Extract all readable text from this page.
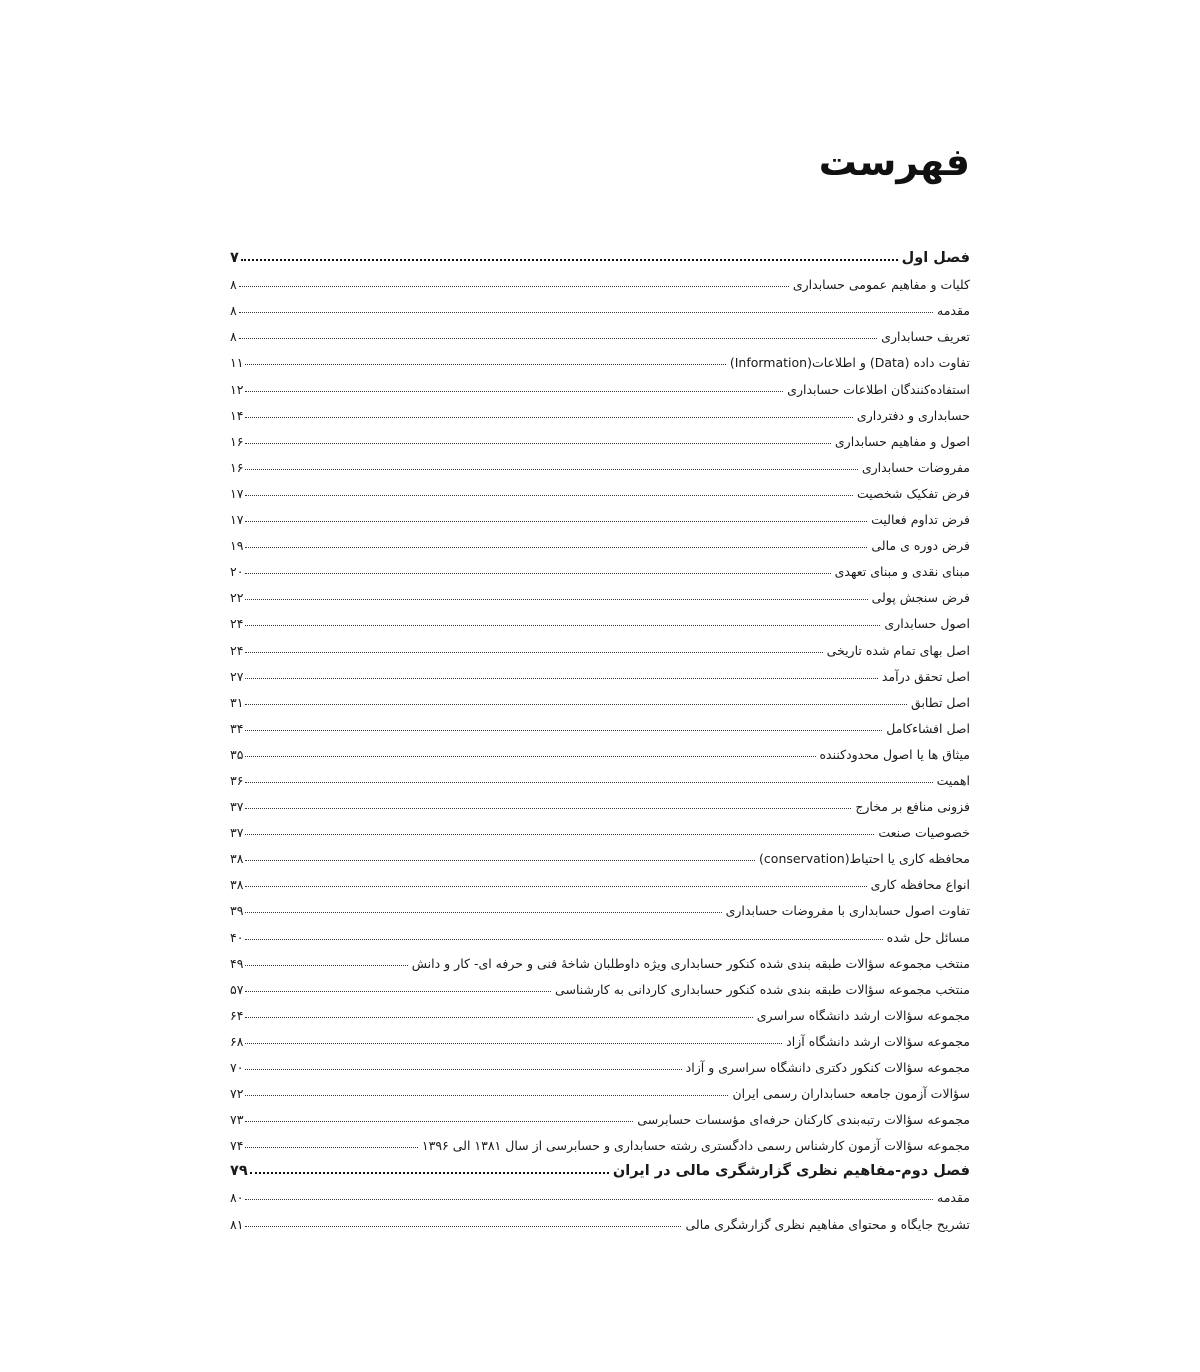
فهرست
فصل اول
۷
کلیات و مفاهیم عمومی حسابداری
۸
مقدمه
۸
تعریف حسابداری
۸
تفاوت داده (Data) و اطلاعات(Information)
۱۱
استفاده‌کنندگان اطلاعات حسابداری
۱۲
حسابداری و دفترداری
۱۴
اصول و مفاهیم حسابداری
۱۶
مفروضات حسابداری
۱۶
فرض تفکیک شخصیت
۱۷
فرض تداوم فعالیت
۱۷
فرض دوره ی مالی
۱۹
مبنای نقدی و مبنای تعهدی
۲۰
فرض سنجش پولی
۲۲
اصول حسابداری
۲۴
اصل بهای تمام شده تاریخی
۲۴
اصل تحقق درآمد
۲۷
اصل تطابق
۳۱
اصل افشاء‌کامل
۳۴
میثاق ها یا اصول محدودکننده
۳۵
اهمیت
۳۶
فزونی منافع بر مخارج
۳۷
خصوصیات صنعت
۳۷
محافظه کاری یا احتیاط(conservation)
۳۸
انواع محافظه کاری
۳۸
تفاوت اصول حسابداری با مفروضات حسابداری
۳۹
مسائل حل شده
۴۰
منتخب مجموعه سؤالات طبقه بندی شده کنکور حسابداری ویژه داوطلبان شاخهٔ فنی و حرفه ای- کار و دانش
۴۹
منتخب مجموعه سؤالات طبقه بندی شده کنکور حسابداری کاردانی به کارشناسی
۵۷
مجموعه سؤالات ارشد دانشگاه سراسری
۶۴
مجموعه سؤالات ارشد دانشگاه آزاد
۶۸
مجموعه سؤالات کنکور دکتری دانشگاه سراسری و آزاد
۷۰
سؤالات آزمون جامعه حسابداران رسمی ایران
۷۲
مجموعه سؤالات رتبه‌بندی کارکنان حرفه‌ای مؤسسات حسابرسی
۷۳
مجموعه سؤالات آزمون کارشناس رسمی دادگستری رشته حسابداری و حسابرسی از سال ۱۳۸۱ الی ۱۳۹۶
۷۴
فصل دوم-مفاهیم نظری گزارشگری مالی در ایران
۷۹
مقدمه
۸۰
تشریح جایگاه و محتوای مفاهیم نظری گزارشگری مالی
۸۱
